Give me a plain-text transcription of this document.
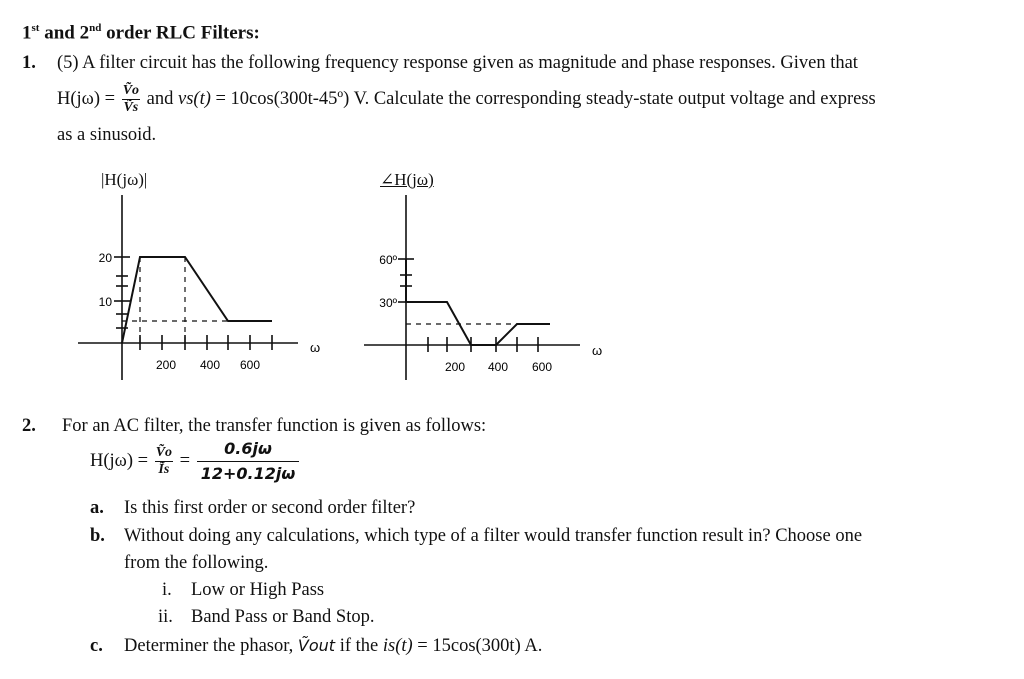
1st and 2nd order RLC Filters:
1. (5) A filter circuit has the following frequency response given as magnitude and phase responses. Given that
$H(j\omega) = \frac{\text{Ṽo}}{\text{Ṽs}}$ and vs(t) = 10cos(300t-45º) V. Calculate the corresponding steady-state output voltage and express
as a sinusoid.
|H(jω)|
20
10
200 400 600
ω
∠H(jω)
60º
30º
200 400 600
ω
2. For an AC filter, the transfer function is given as follows:
$H(j\omega) = \frac{\text{Ṽo}}{Ĩs} = \frac{0.6j\omega}{12+0.12j\omega}$
a. Is this first order or second order filter?
b. Without doing any calculations, which type of a filter would transfer function result in? Choose one
from the following.
i. Low or High Pass
ii. Band Pass or Band Stop.
c. Determiner the phasor, Ṽout if the is(t) = 15cos(300t) A.
